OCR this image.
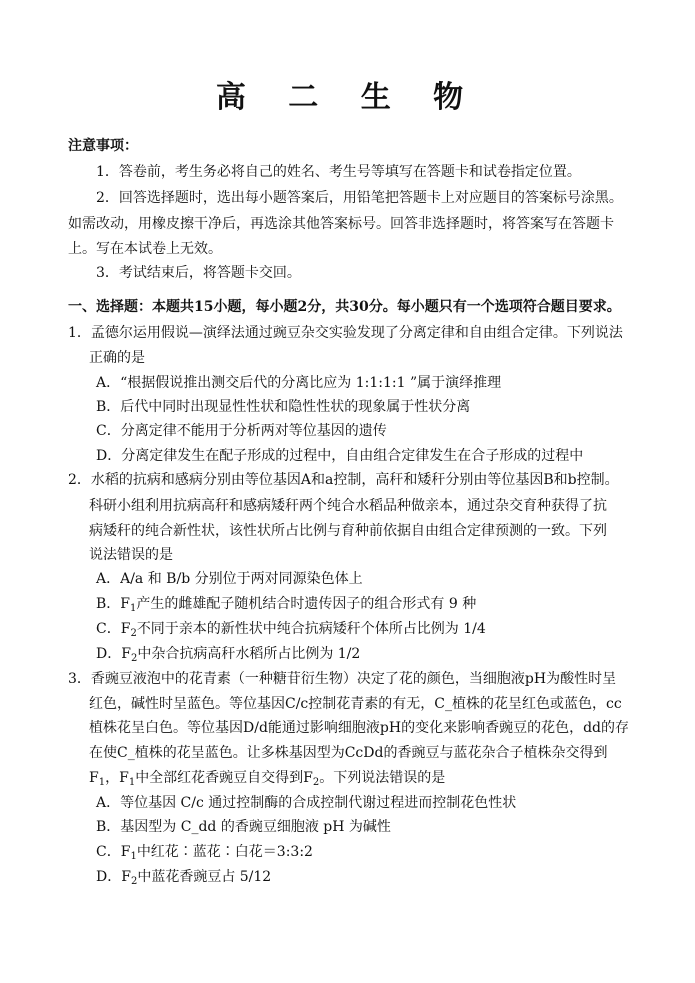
高 二 生 物
注意事项：
1．答卷前，考生务必将自己的姓名、考生号等填写在答题卡和试卷指定位置。
2．回答选择题时，选出每小题答案后，用铅笔把答题卡上对应题目的答案标号涂黑。
如需改动，用橡皮擦干净后，再选涂其他答案标号。回答非选择题时，将答案写在答题卡
上。写在本试卷上无效。
3．考试结束后，将答题卡交回。
一、选择题：本题共15小题，每小题2分，共30分。每小题只有一个选项符合题目要求。
1．孟德尔运用假说—演绎法通过豌豆杂交实验发现了分离定律和自由组合定律。下列说法
正确的是
A．“根据假说推出测交后代的分离比应为 1:1:1:1 ”属于演绎推理
B．后代中同时出现显性性状和隐性性状的现象属于性状分离
C．分离定律不能用于分析两对等位基因的遗传
D．分离定律发生在配子形成的过程中，自由组合定律发生在合子形成的过程中
2．水稻的抗病和感病分别由等位基因A和a控制，高秆和矮秆分别由等位基因B和b控制。
科研小组利用抗病高秆和感病矮秆两个纯合水稻品种做亲本，通过杂交育种获得了抗
病矮秆的纯合新性状，该性状所占比例与育种前依据自由组合定律预测的一致。下列
说法错误的是
A．A/a 和 B/b 分别位于两对同源染色体上
B．$F_1$产生的雌雄配子随机结合时遗传因子的组合形式有 9 种
C．$F_2$不同于亲本的新性状中纯合抗病矮秆个体所占比例为 1/4
D．$F_2$中杂合抗病高秆水稻所占比例为 1/2
3．香豌豆液泡中的花青素（一种糖苷衍生物）决定了花的颜色，当细胞液pH为酸性时呈
红色，碱性时呈蓝色。等位基因C/c控制花青素的有无，C_植株的花呈红色或蓝色，cc
植株花呈白色。等位基因D/d能通过影响细胞液pH的变化来影响香豌豆的花色，dd的存
在使C_植株的花呈蓝色。让多株基因型为CcDd的香豌豆与蓝花杂合子植株杂交得到
$F_1$，$F_1$中全部红花香豌豆自交得到$F_2$。下列说法错误的是
A．等位基因 C/c 通过控制酶的合成控制代谢过程进而控制花色性状
B．基因型为 C_dd 的香豌豆细胞液 pH 为碱性
C．$F_1$中红花∶蓝花∶白花＝3:3:2
D．$F_2$中蓝花香豌豆占 5/12
